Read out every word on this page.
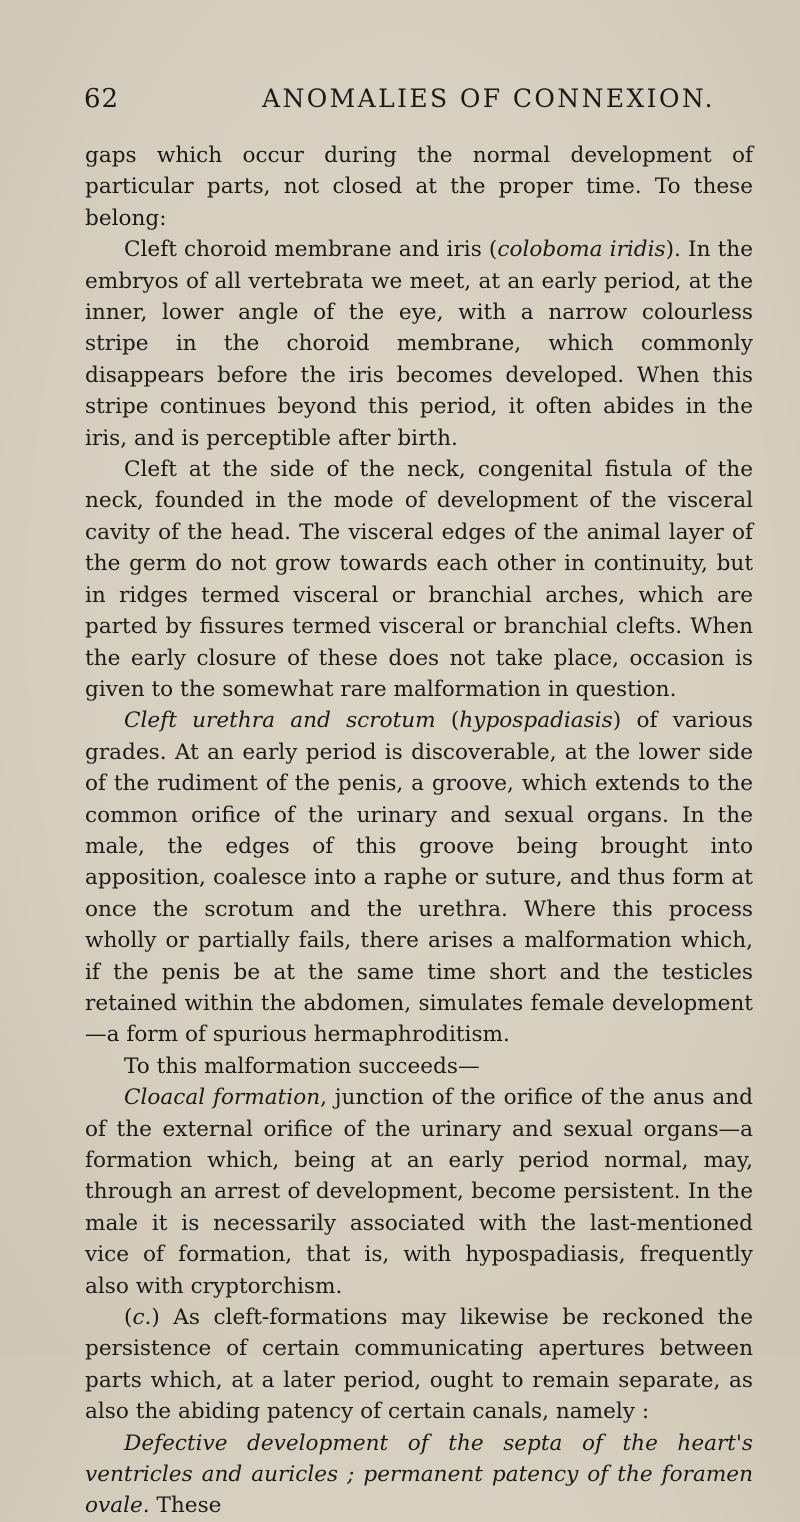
62	ANOMALIES OF CONNEXION.

gaps which occur during the normal development of particular parts, not closed at the proper time. To these belong:

Cleft choroid membrane and iris (coloboma iridis). In the embryos of all vertebrata we meet, at an early period, at the inner, lower angle of the eye, with a narrow colourless stripe in the choroid membrane, which commonly disappears before the iris becomes developed. When this stripe continues beyond this period, it often abides in the iris, and is perceptible after birth.

Cleft at the side of the neck, congenital fistula of the neck, founded in the mode of development of the visceral cavity of the head. The visceral edges of the animal layer of the germ do not grow towards each other in continuity, but in ridges termed visceral or branchial arches, which are parted by fissures termed visceral or branchial clefts. When the early closure of these does not take place, occasion is given to the somewhat rare malformation in question.

Cleft urethra and scrotum (hypospadiasis) of various grades. At an early period is discoverable, at the lower side of the rudiment of the penis, a groove, which extends to the common orifice of the urinary and sexual organs. In the male, the edges of this groove being brought into apposition, coalesce into a raphe or suture, and thus form at once the scrotum and the urethra. Where this process wholly or partially fails, there arises a malformation which, if the penis be at the same time short and the testicles retained within the abdomen, simulates female development—a form of spurious hermaphroditism.

To this malformation succeeds—

Cloacal formation, junction of the orifice of the anus and of the external orifice of the urinary and sexual organs—a formation which, being at an early period normal, may, through an arrest of development, become persistent. In the male it is necessarily associated with the last-mentioned vice of formation, that is, with hypospadiasis, frequently also with cryptorchism.

(c.) As cleft-formations may likewise be reckoned the persistence of certain communicating apertures between parts which, at a later period, ought to remain separate, as also the abiding patency of certain canals, namely :

Defective development of the septa of the heart's ventricles and auricles ; permanent patency of the foramen ovale. These
